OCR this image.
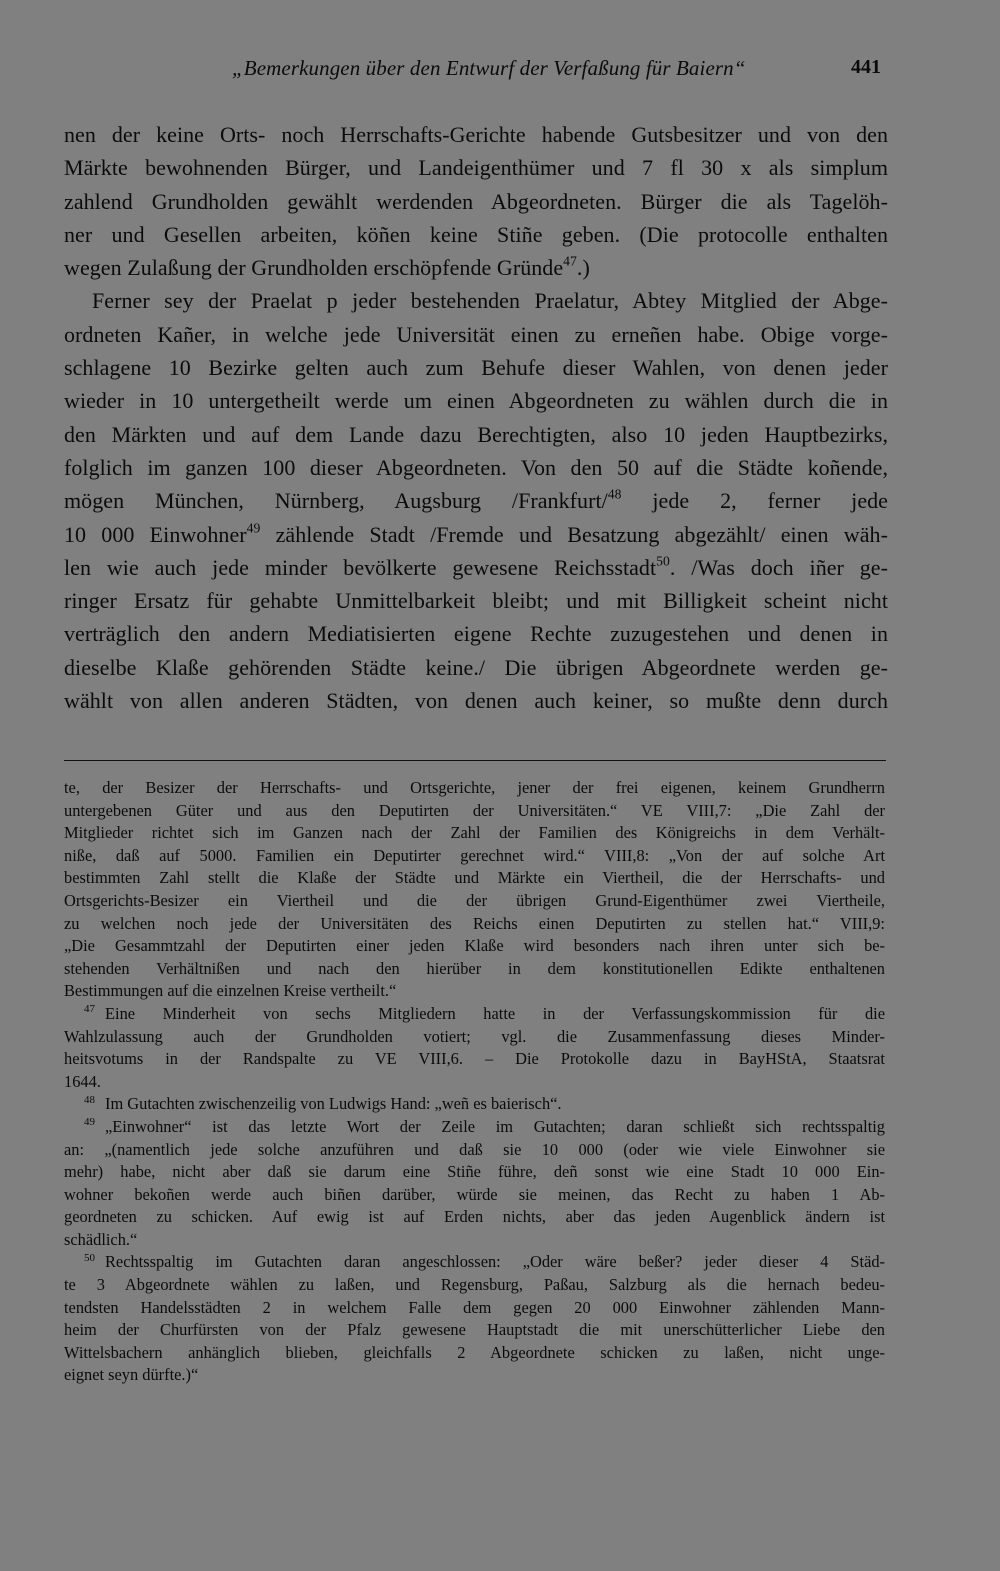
„Bemerkungen über den Entwurf der Verfaßung für Baiern“	441
nen der keine Orts- noch Herrschafts-Gerichte habende Gutsbesitzer und von den
Märkte bewohnenden Bürger, und Landeigenthümer und 7 fl 30 x als simplum
zahlend Grundholden gewählt werdenden Abgeordneten. Bürger die als Tagelöh-
ner und Gesellen arbeiten, köñen keine Stiñe geben. (Die protocolle enthalten
wegen Zulaßung der Grundholden erschöpfende Gründe$^{47}$.)
Ferner sey der Praelat p jeder bestehenden Praelatur, Abtey Mitglied der Abge-
ordneten Kañer, in welche jede Universität einen zu erneñen habe. Obige vorge-
schlagene 10 Bezirke gelten auch zum Behufe dieser Wahlen, von denen jeder
wieder in 10 untergetheilt werde um einen Abgeordneten zu wählen durch die in
den Märkten und auf dem Lande dazu Berechtigten, also 10 jeden Hauptbezirks,
folglich im ganzen 100 dieser Abgeordneten. Von den 50 auf die Städte koñende,
mögen München, Nürnberg, Augsburg /Frankfurt/$^{48}$ jede 2, ferner jede
10 000 Einwohner$^{49}$ zählende Stadt /Fremde und Besatzung abgezählt/ einen wäh-
len wie auch jede minder bevölkerte gewesene Reichsstadt$^{50}$. /Was doch iñer ge-
ringer Ersatz für gehabte Unmittelbarkeit bleibt; und mit Billigkeit scheint nicht
verträglich den andern Mediatisierten eigene Rechte zuzugestehen und denen in
dieselbe Klaße gehörenden Städte keine./ Die übrigen Abgeordnete werden ge-
wählt von allen anderen Städten, von denen auch keiner, so mußte denn durch
te, der Besizer der Herrschafts- und Ortsgerichte, jener der frei eigenen, keinem Grundherrn
untergebenen Güter und aus den Deputirten der Universitäten.“ VE VIII,7: „Die Zahl der
Mitglieder richtet sich im Ganzen nach der Zahl der Familien des Königreichs in dem Verhält-
niße, daß auf 5000. Familien ein Deputirter gerechnet wird.“ VIII,8: „Von der auf solche Art
bestimmten Zahl stellt die Klaße der Städte und Märkte ein Viertheil, die der Herrschafts- und
Ortsgerichts-Besizer ein Viertheil und die der übrigen Grund-Eigenthümer zwei Viertheile,
zu welchen noch jede der Universitäten des Reichs einen Deputirten zu stellen hat.“ VIII,9:
„Die Gesammtzahl der Deputirten einer jeden Klaße wird besonders nach ihren unter sich be-
stehenden Verhältnißen und nach den hierüber in dem konstitutionellen Edikte enthaltenen
Bestimmungen auf die einzelnen Kreise vertheilt.“
$^{47}$ Eine Minderheit von sechs Mitgliedern hatte in der Verfassungskommission für die
Wahlzulassung auch der Grundholden votiert; vgl. die Zusammenfassung dieses Minder-
heitsvotums in der Randspalte zu VE VIII,6. – Die Protokolle dazu in BayHStA, Staatsrat
1644.
$^{48}$ Im Gutachten zwischenzeilig von Ludwigs Hand: „weñ es baierisch“.
$^{49}$ „Einwohner“ ist das letzte Wort der Zeile im Gutachten; daran schließt sich rechtsspaltig
an: „(namentlich jede solche anzuführen und daß sie 10 000 (oder wie viele Einwohner sie
mehr) habe, nicht aber daß sie darum eine Stiñe führe, deñ sonst wie eine Stadt 10 000 Ein-
wohner bekoñen werde auch biñen darüber, würde sie meinen, das Recht zu haben 1 Ab-
geordneten zu schicken. Auf ewig ist auf Erden nichts, aber das jeden Augenblick ändern ist
schädlich.“
$^{50}$ Rechtsspaltig im Gutachten daran angeschlossen: „Oder wäre beßer? jeder dieser 4 Städ-
te 3 Abgeordnete wählen zu laßen, und Regensburg, Paßau, Salzburg als die hernach bedeu-
tendsten Handelsstädten 2 in welchem Falle dem gegen 20 000 Einwohner zählenden Mann-
heim der Churfürsten von der Pfalz gewesene Hauptstadt die mit unerschütterlicher Liebe den
Wittelsbachern anhänglich blieben, gleichfalls 2 Abgeordnete schicken zu laßen, nicht unge-
eignet seyn dürfte.)“
